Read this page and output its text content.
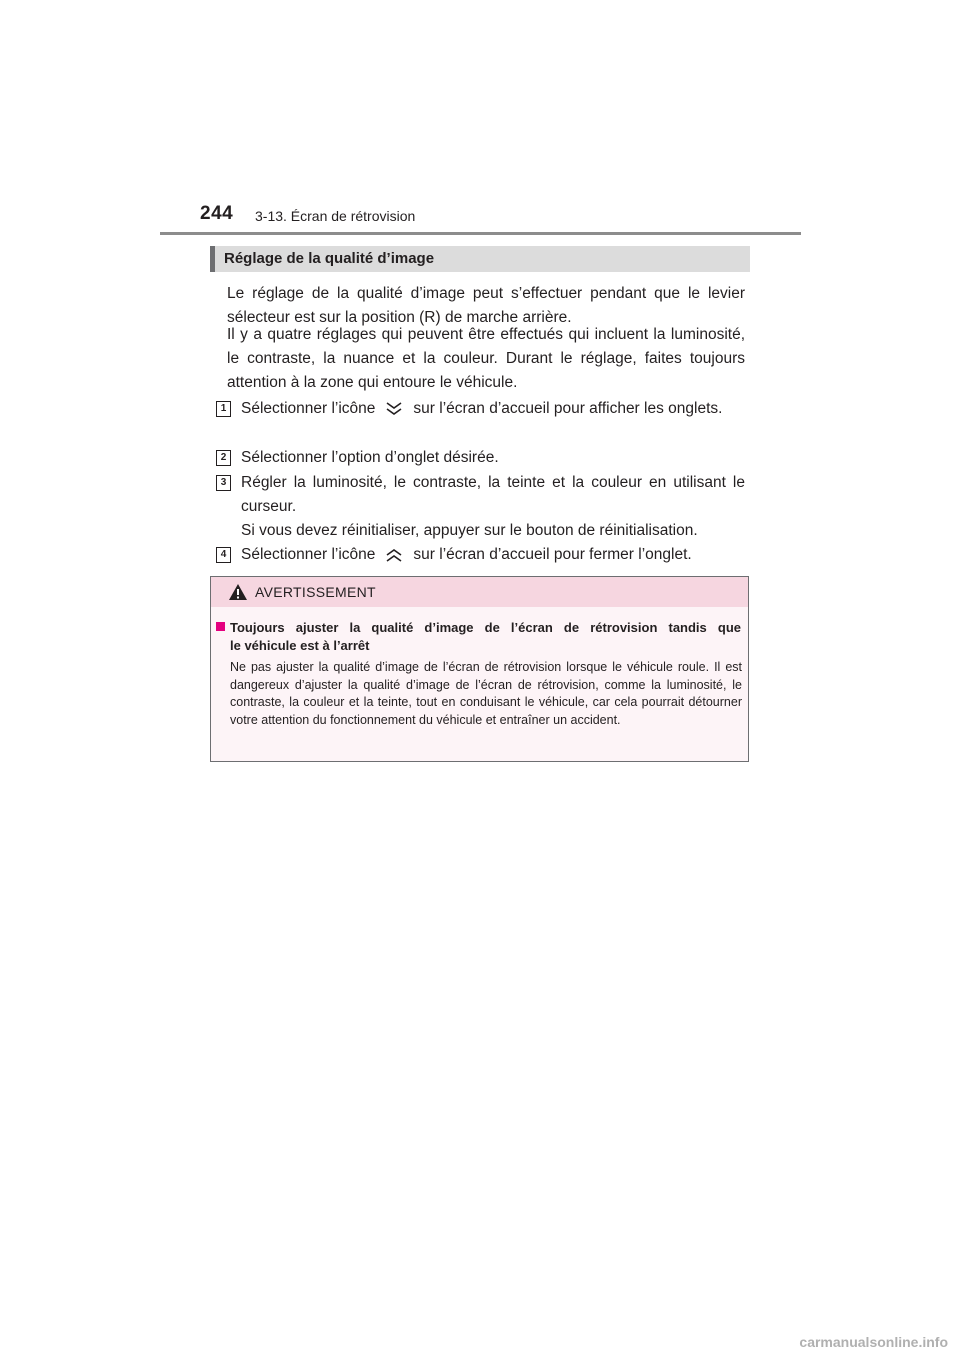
244 3-13. Écran de rétrovision
Réglage de la qualité d’image
Le réglage de la qualité d’image peut s’effectuer pendant que le levier sélecteur est sur la position (R) de marche arrière.
Il y a quatre réglages qui peuvent être effectués qui incluent la luminosité, le contraste, la nuance et la couleur. Durant le réglage, faites toujours attention à la zone qui entoure le véhicule.
1 Sélectionner l’icône sur l’écran d’accueil pour afficher les onglets.
2 Sélectionner l’option d’onglet désirée.
3 Régler la luminosité, le contraste, la teinte et la couleur en utilisant le curseur.
Si vous devez réinitialiser, appuyer sur le bouton de réinitialisation.
4 Sélectionner l’icône sur l’écran d’accueil pour fermer l’onglet.
AVERTISSEMENT
Toujours ajuster la qualité d’image de l’écran de rétrovision tandis que
le véhicule est à l’arrêt
Ne pas ajuster la qualité d’image de l’écran de rétrovision lorsque le véhicule roule. Il est dangereux d’ajuster la qualité d’image de l’écran de rétrovision, comme la luminosité, le contraste, la couleur et la teinte, tout en conduisant le véhicule, car cela pourrait détourner votre attention du fonctionnement du véhicule et entraîner un accident.
carmanualsonline.info
